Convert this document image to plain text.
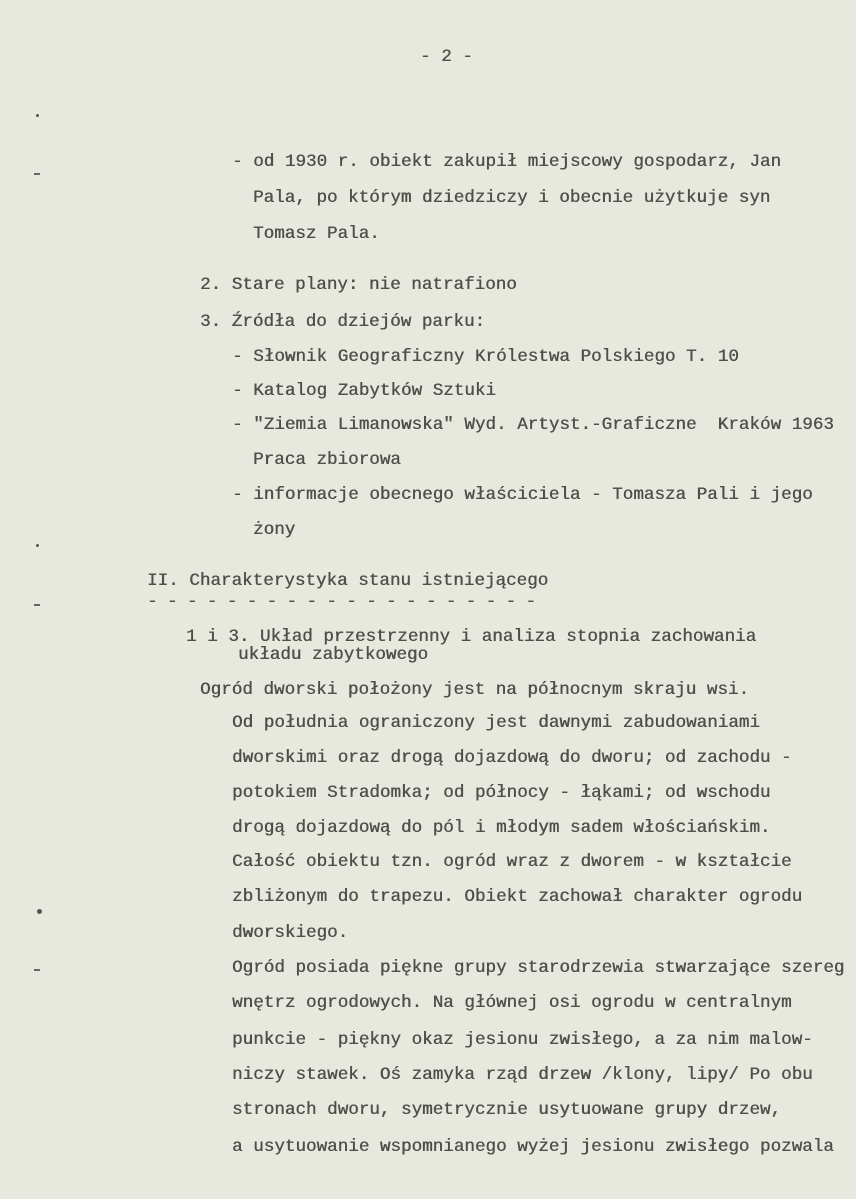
- 2 -
- od 1930 r. obiekt zakupił miejscowy gospodarz, Jan
Pala, po którym dziedziczy i obecnie użytkuje syn
Tomasz Pala.
2. Stare plany: nie natrafiono
3. Źródła do dziejów parku:
- Słownik Geograficzny Królestwa Polskiego T. 10
- Katalog Zabytków Sztuki
- "Ziemia Limanowska" Wyd. Artyst.-Graficzne  Kraków 1963
Praca zbiorowa
- informacje obecnego właściciela - Tomasza Pali i jego
żony
II. Charakterystyka stanu istniejącego
- - - - - - - - - - - - - - - - - - - -
1 i 3. Układ przestrzenny i analiza stopnia zachowania
układu zabytkowego
Ogród dworski położony jest na północnym skraju wsi.
Od południa ograniczony jest dawnymi zabudowaniami
dworskimi oraz drogą dojazdową do dworu; od zachodu -
potokiem Stradomka; od północy - łąkami; od wschodu
drogą dojazdową do pól i młodym sadem włościańskim.
Całość obiektu tzn. ogród wraz z dworem - w kształcie
zbliżonym do trapezu. Obiekt zachował charakter ogrodu
dworskiego.
Ogród posiada piękne grupy starodrzewia stwarzające szereg
wnętrz ogrodowych. Na głównej osi ogrodu w centralnym
punkcie - piękny okaz jesionu zwisłego, a za nim malow-
niczy stawek. Oś zamyka rząd drzew /klony, lipy/ Po obu
stronach dworu, symetrycznie usytuowane grupy drzew,
a usytuowanie wspomnianego wyżej jesionu zwisłego pozwala
